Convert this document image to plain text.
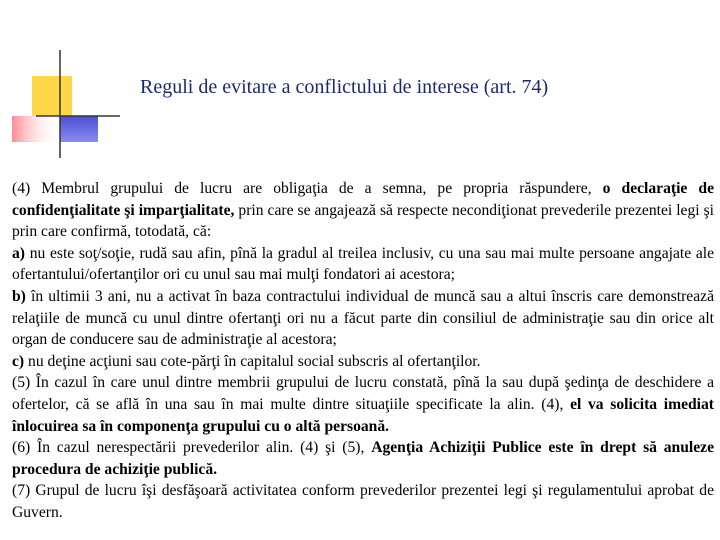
Reguli de evitare a conflictului de interese (art. 74)

(4) Membrul grupului de lucru are obligaţia de a semna, pe propria răspundere, o declaraţie de confidenţialitate şi imparţialitate, prin care se angajează să respecte necondiţionat prevederile prezentei legi şi prin care confirmă, totodată, că:

a) nu este soţ/soţie, rudă sau afin, pînă la gradul al treilea inclusiv, cu una sau mai multe persoane angajate ale ofertantului/ofertanţilor ori cu unul sau mai mulţi fondatori ai acestora;

b) în ultimii 3 ani, nu a activat în baza contractului individual de muncă sau a altui înscris care demonstrează relaţiile de muncă cu unul dintre ofertanţi ori nu a făcut parte din consiliul de administraţie sau din orice alt organ de conducere sau de administraţie al acestora;

c) nu deţine acţiuni sau cote-părţi în capitalul social subscris al ofertanţilor.

(5) În cazul în care unul dintre membrii grupului de lucru constată, pînă la sau după şedinţa de deschidere a ofertelor, că se află în una sau în mai multe dintre situaţiile specificate la alin. (4), el va solicita imediat înlocuirea sa în componenţa grupului cu o altă persoană.

(6) În cazul nerespectării prevederilor alin. (4) şi (5), Agenţia Achiziţii Publice este în drept să anuleze procedura de achiziţie publică.

(7) Grupul de lucru îşi desfăşoară activitatea conform prevederilor prezentei legi şi regulamentului aprobat de Guvern.
